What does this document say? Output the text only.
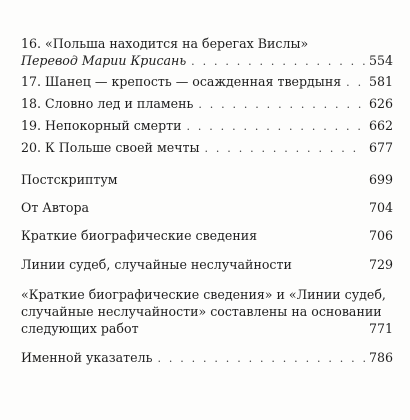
16. «Польша находится на берегах Вислы»
Перевод Марии Крисань . . .	554
17. Шанец — крепость — осажденная твердыня . . . 581
18. Словно лед и пламень . . .	626
19. Непокорный смерти . . .	662
20. К Польше своей мечты . . .	677
Постскриптум	699
От Автора	704
Краткие биографические сведения	706
Линии судеб, случайные неслучайности	729
«Краткие биографические сведения» и «Линии судеб,
случайные неслучайности» составлены на основании
следующих работ	771
Именной указатель . . .	786
